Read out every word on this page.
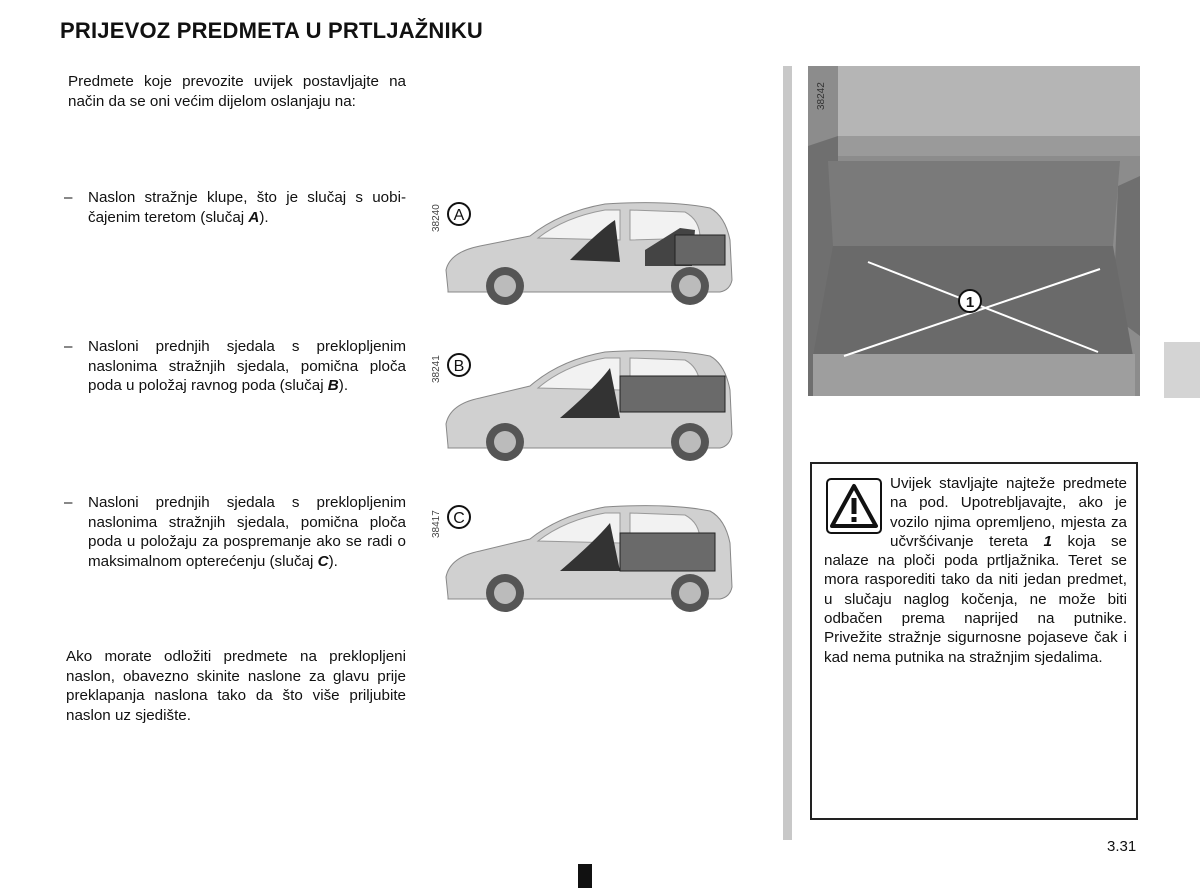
PRIJEVOZ PREDMETA U PRTLJAŽNIKU
Predmete koje prevozite uvijek postavljajte na način da se oni većim dijelom oslanjaju na:
–	Naslon stražnje klupe, što je slučaj s uobi-čajenim teretom (slučaj A).
–	Nasloni prednjih sjedala s preklopljenim naslonima stražnjih sjedala, pomična ploča poda u položaj ravnog poda (slučaj B).
–	Nasloni prednjih sjedala s preklopljenim naslonima stražnjih sjedala, pomična ploča poda u položaju za pospremanje ako se radi o maksimalnom opterećenju (slučaj C).
Ako morate odložiti predmete na preklopljeni naslon, obavezno skinite naslone za glavu prije preklapanja naslona tako da što više priljubite naslon uz sjedište.
38240 A
38241 B
38417 C
38242
1
Uvijek stavljajte najteže predmete na pod. Upotrebljavajte, ako je vozilo njima opremljeno, mjesta za učvršćivanje tereta 1 koja se nalaze na ploči poda prtljažnika. Teret se mora rasporediti tako da niti jedan predmet, u slučaju naglog kočenja, ne može biti odbačen prema naprijed na putnike. Privežite stražnje sigurnosne pojaseve čak i kad nema putnika na stražnjim sjedalima.
3.31
